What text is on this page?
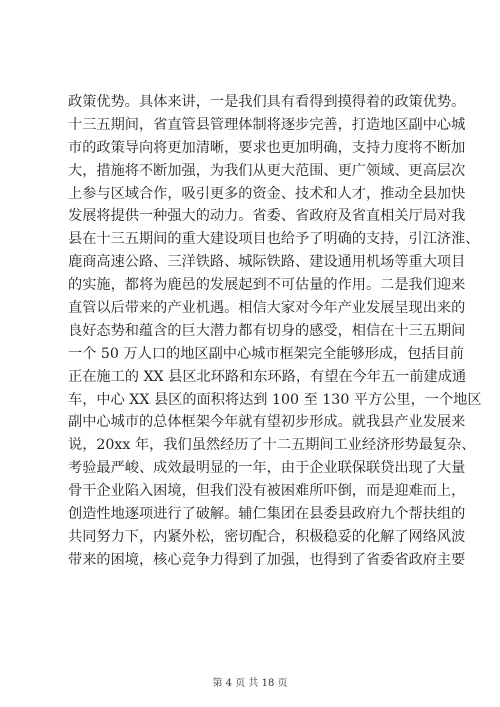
政策优势。具体来讲，一是我们具有看得到摸得着的政策优势。
十三五期间，省直管县管理体制将逐步完善，打造地区副中心城
市的政策导向将更加清晰，要求也更加明确，支持力度将不断加
大，措施将不断加强，为我们从更大范围、更广领域、更高层次
上参与区域合作，吸引更多的资金、技术和人才，推动全县加快
发展将提供一种强大的动力。省委、省政府及省直相关厅局对我
县在十三五期间的重大建设项目也给予了明确的支持，引江济淮、
鹿商高速公路、三洋铁路、城际铁路、建设通用机场等重大项目
的实施，都将为鹿邑的发展起到不可估量的作用。二是我们迎来
直管以后带来的产业机遇。相信大家对今年产业发展呈现出来的
良好态势和蕴含的巨大潜力都有切身的感受，相信在十三五期间
一个 50 万人口的地区副中心城市框架完全能够形成，包括目前
正在施工的 XX 县区北环路和东环路，有望在今年五一前建成通
车，中心 XX 县区的面积将达到 100 至 130 平方公里，一个地区
副中心城市的总体框架今年就有望初步形成。就我县产业发展来
说，20xx 年，我们虽然经历了十二五期间工业经济形势最复杂、
考验最严峻、成效最明显的一年，由于企业联保联贷出现了大量
骨干企业陷入困境，但我们没有被困难所吓倒，而是迎难而上，
创造性地逐项进行了破解。辅仁集团在县委县政府九个帮扶组的
共同努力下，内紧外松，密切配合，积极稳妥的化解了网络风波
带来的困境，核心竞争力得到了加强，也得到了省委省政府主要
第 4 页 共 18 页
